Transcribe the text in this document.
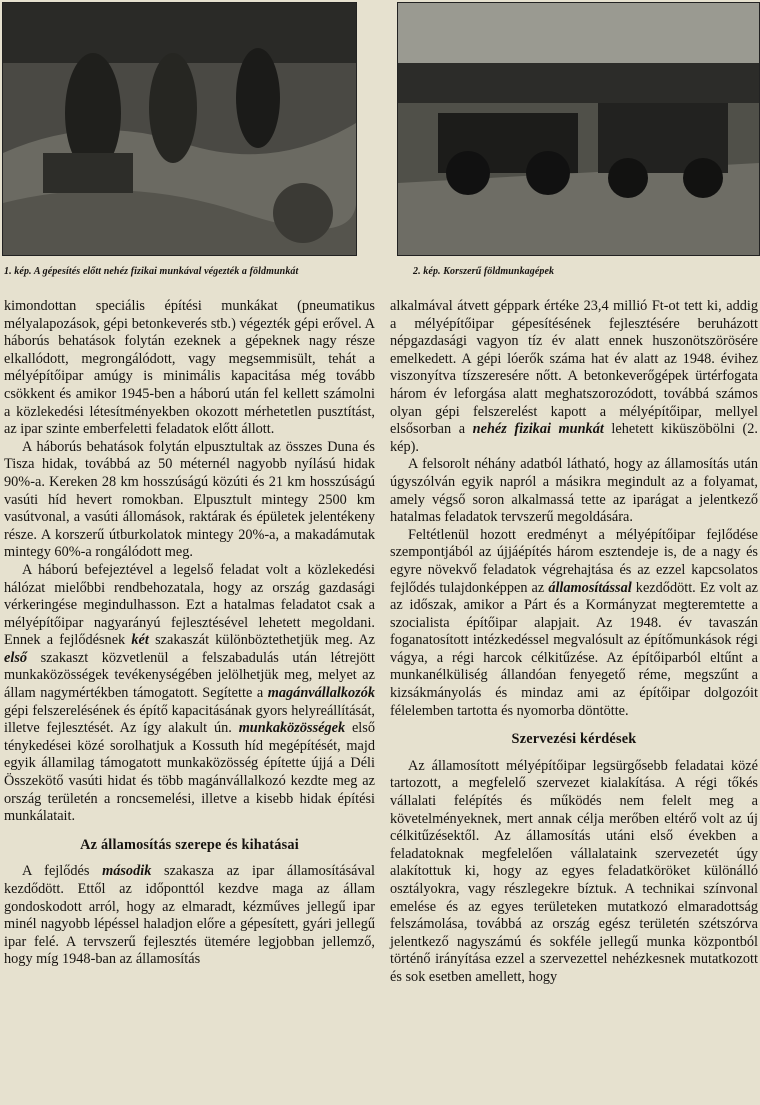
1. kép. A gépesítés előtt nehéz fizikai munkával végezték a földmunkát	2. kép. Korszerű földmunkagépek

kimondottan speciális építési munkákat (pneumatikus mélyalapozások, gépi betonkeverés stb.) végezték gépi erővel. A háborús behatások folytán ezeknek a gépeknek nagy része elkallódott, megrongálódott, vagy megsemmisült, tehát a mélyépítőipar amúgy is minimális kapacitása még tovább csökkent és amikor 1945-ben a háború után fel kellett számolni a közlekedési létesítményekben okozott mérhetetlen pusztítást, az ipar szinte emberfeletti feladatok előtt állott.

A háborús behatások folytán elpusztultak az összes Duna és Tisza hidak, továbbá az 50 méternél nagyobb nyílású hidak 90%-a. Kereken 28 km hosszúságú közúti és 21 km hosszúságú vasúti híd hevert romokban. Elpusztult mintegy 2500 km vasútvonal, a vasúti állomások, raktárak és épületek jelentékeny része. A korszerű útburkolatok mintegy 20%-a, a makadámutak mintegy 60%-a rongálódott meg.

A háború befejeztével a legelső feladat volt a közlekedési hálózat mielőbbi rendbehozatala, hogy az ország gazdasági vérkeringése megindulhasson. Ezt a hatalmas feladatot csak a mélyépítőipar nagyarányú fejlesztésével lehetett megoldani. Ennek a fejlődésnek két szakaszát különböztethetjük meg. Az első szakaszt közvetlenül a felszabadulás után létrejött munkaközösségek tevékenységében jelölhetjük meg, melyet az állam nagymértékben támogatott. Segítette a magánvállalkozók gépi felszerelésének és építő kapacitásának gyors helyreállítását, illetve fejlesztését. Az így alakult ún. munkaközösségek első ténykedései közé sorolhatjuk a Kossuth híd megépítését, majd egyik államilag támogatott munkaközösség építette újjá a Déli Összekötő vasúti hidat és több magánvállalkozó kezdte meg az ország területén a roncsemelési, illetve a kisebb hidak építési munkálatait.

Az államosítás szerepe és kihatásai

A fejlődés második szakasza az ipar államosításával kezdődött. Ettől az időponttól kezdve maga az állam gondoskodott arról, hogy az elmaradt, kézműves jellegű ipar minél nagyobb lépéssel haladjon előre a gépesített, gyári jellegű ipar felé. A tervszerű fejlesztés ütemére legjobban jellemző, hogy míg 1948-ban az államosítás

alkalmával átvett géppark értéke 23,4 millió Ft-ot tett ki, addig a mélyépítőipar gépesítésének fejlesztésére beruházott népgazdasági vagyon tíz év alatt ennek huszonötszörösére emelkedett. A gépi lóerők száma hat év alatt az 1948. évihez viszonyítva tízszeresére nőtt. A betonkeverőgépek ürtérfogata három év leforgása alatt meghatszorozódott, továbbá számos olyan gépi felszerelést kapott a mélyépítőipar, mellyel elsősorban a nehéz fizikai munkát lehetett kiküszöbölni (2. kép).

A felsorolt néhány adatból látható, hogy az államosítás után úgyszólván egyik napról a másikra megindult az a folyamat, amely végső soron alkalmassá tette az iparágat a jelentkező hatalmas feladatok tervszerű megoldására.

Feltétlenül hozott eredményt a mélyépítőipar fejlődése szempontjából az újjáépítés három esztendeje is, de a nagy és egyre növekvő feladatok végrehajtása és az ezzel kapcsolatos fejlődés tulajdonképpen az államosítással kezdődött. Ez volt az az időszak, amikor a Párt és a Kormányzat megteremtette a szocialista építőipar alapjait. Az 1948. év tavaszán foganatosított intézkedéssel megvalósult az építőmunkások régi vágya, a régi harcok célkitűzése. Az építőiparból eltűnt a munkanélküliség állandóan fenyegető réme, megszűnt a kizsákmányolás és mindaz ami az építőipar dolgozóit félelemben tartotta és nyomorba döntötte.

Szervezési kérdések

Az államosított mélyépítőipar legsürgősebb feladatai közé tartozott, a megfelelő szervezet kialakítása. A régi tőkés vállalati felépítés és működés nem felelt meg a követelményeknek, mert annak célja merőben eltérő volt az új célkitűzésektől. Az államosítás utáni első években a feladatoknak megfelelően vállalataink szervezetét úgy alakítottuk ki, hogy az egyes feladatköröket különálló osztályokra, vagy részlegekre bíztuk. A technikai színvonal emelése és az egyes területeken mutatkozó elmaradottság felszámolása, továbbá az ország egész területén szétszórva jelentkező nagyszámú és sokféle jellegű munka központból történő irányítása ezzel a szervezettel nehézkesnek mutatkozott és sok esetben amellett, hogy
